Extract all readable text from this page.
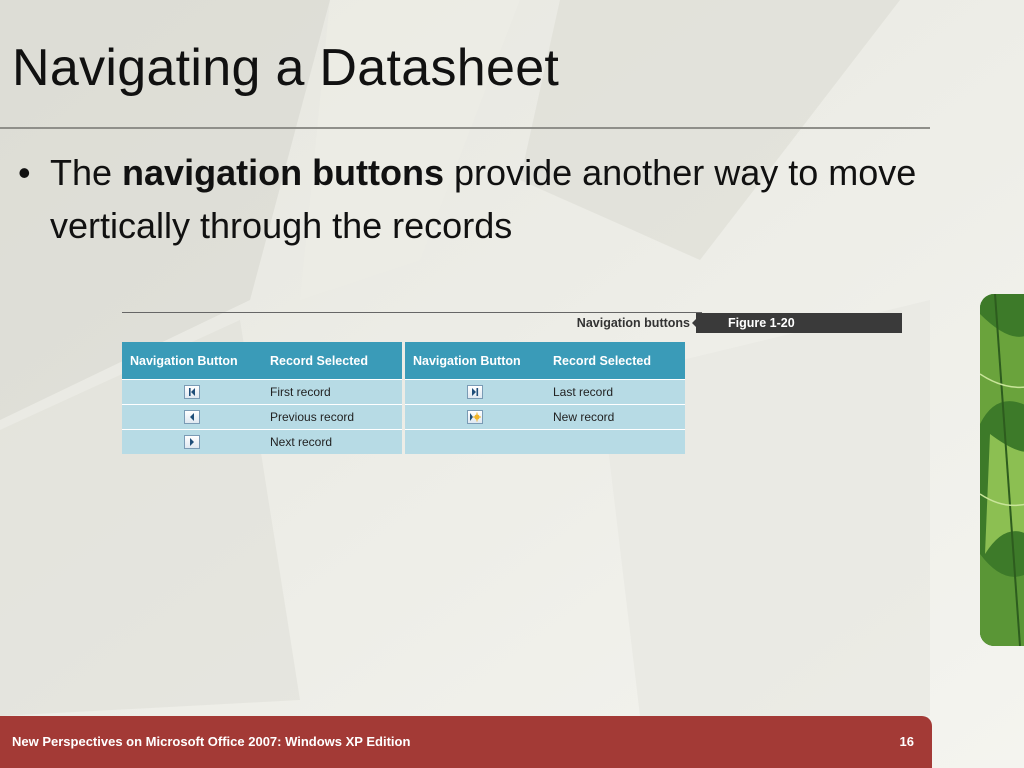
Navigating a Datasheet
• The navigation buttons provide another way to move vertically through the records
Navigation buttons	Figure 1-20
Navigation Button	Record Selected

	First record

	Previous record

	Next record
Navigation Button	Record Selected

	Last record

	New record

New Perspectives on Microsoft Office 2007: Windows XP Edition	16
